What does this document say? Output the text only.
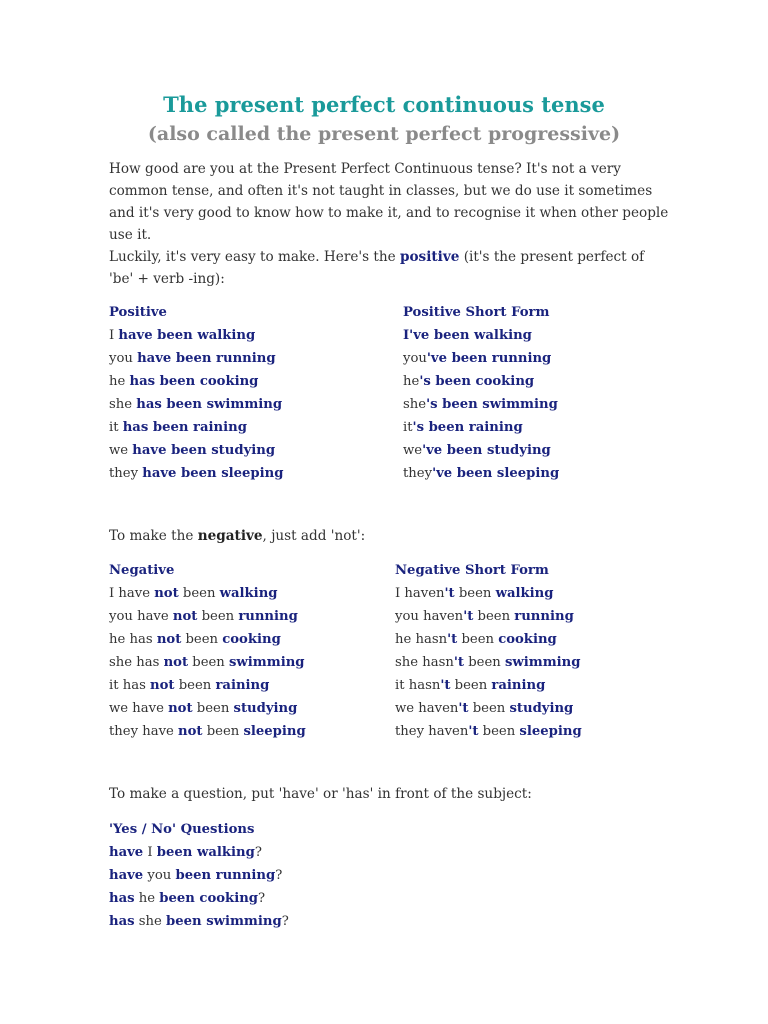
The present perfect continuous tense
(also called the present perfect progressive)
How good are you at the Present Perfect Continuous tense? It's not a very
common tense, and often it's not taught in classes, but we do use it sometimes
and it's very good to know how to make it, and to recognise it when other people
use it.
Luckily, it's very easy to make. Here's the positive (it's the present perfect of
'be' + verb -ing):
Positive
I have been walking
you have been running
he has been cooking
she has been swimming
it has been raining
we have been studying
they have been sleeping
Positive Short Form
I've been walking
you've been running
he's been cooking
she's been swimming
it's been raining
we've been studying
they've been sleeping
To make the negative, just add 'not':
Negative
I have not been walking
you have not been running
he has not been cooking
she has not been swimming
it has not been raining
we have not been studying
they have not been sleeping
Negative Short Form
I haven't been walking
you haven't been running
he hasn't been cooking
she hasn't been swimming
it hasn't been raining
we haven't been studying
they haven't been sleeping
To make a question, put 'have' or 'has' in front of the subject:
'Yes / No' Questions
have I been walking?
have you been running?
has he been cooking?
has she been swimming?
